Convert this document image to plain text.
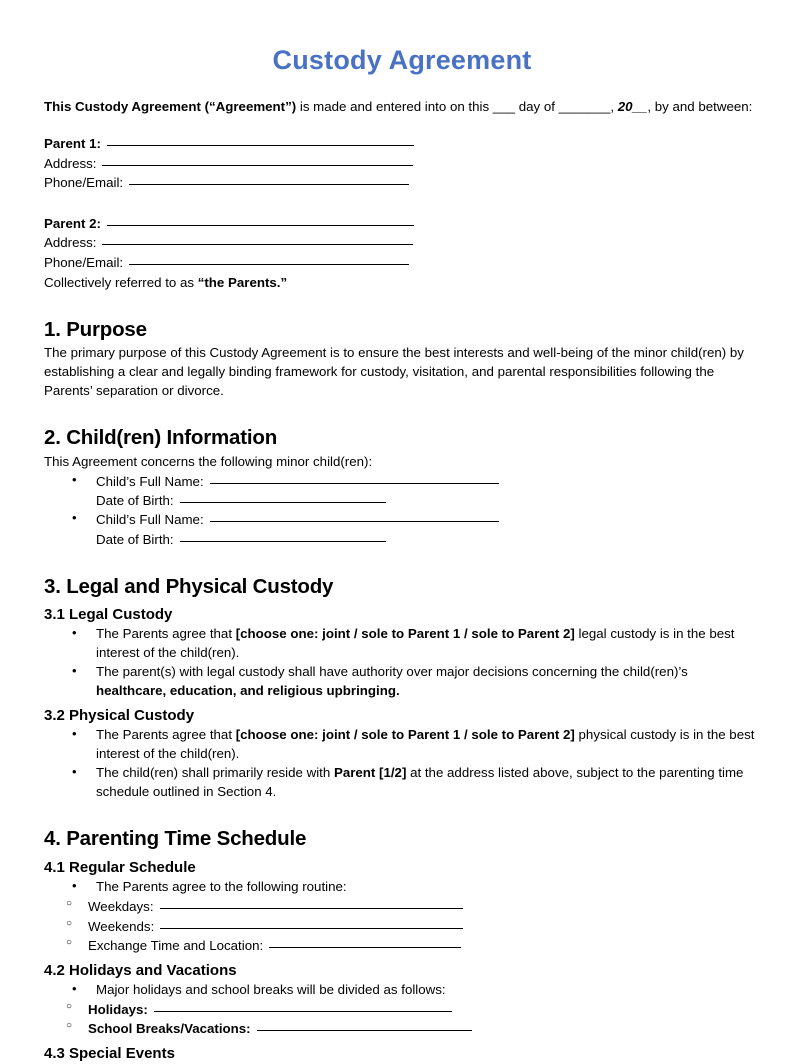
Custody Agreement

This Custody Agreement (“Agreement”) is made and entered into on this ___ day of _______, 20__, by and between:

Parent 1:
Address:
Phone/Email:
Parent 2:
Address:
Phone/Email:
Collectively referred to as “the Parents.”
1. Purpose

The primary purpose of this Custody Agreement is to ensure the best interests and well-being of the minor child(ren) by establishing a clear and legally binding framework for custody, visitation, and parental responsibilities following the Parents’ separation or divorce.

2. Child(ren) Information

This Agreement concerns the following minor child(ren):

• Child’s Full Name:
Date of Birth:
• Child’s Full Name:
Date of Birth:
3. Legal and Physical Custody
3.1 Legal Custody
• The Parents agree that [choose one: joint / sole to Parent 1 / sole to Parent 2] legal custody is in the best interest of the child(ren).
• The parent(s) with legal custody shall have authority over major decisions concerning the child(ren)’s healthcare, education, and religious upbringing.
3.2 Physical Custody
• The Parents agree that [choose one: joint / sole to Parent 1 / sole to Parent 2] physical custody is in the best interest of the child(ren).
• The child(ren) shall primarily reside with Parent [1/2] at the address listed above, subject to the parenting time schedule outlined in Section 4.
4. Parenting Time Schedule
4.1 Regular Schedule
• The Parents agree to the following routine:
○ Weekdays:
○ Weekends:
○ Exchange Time and Location:
4.2 Holidays and Vacations
• Major holidays and school breaks will be divided as follows:
○ Holidays:
○ School Breaks/Vacations:
4.3 Special Events
